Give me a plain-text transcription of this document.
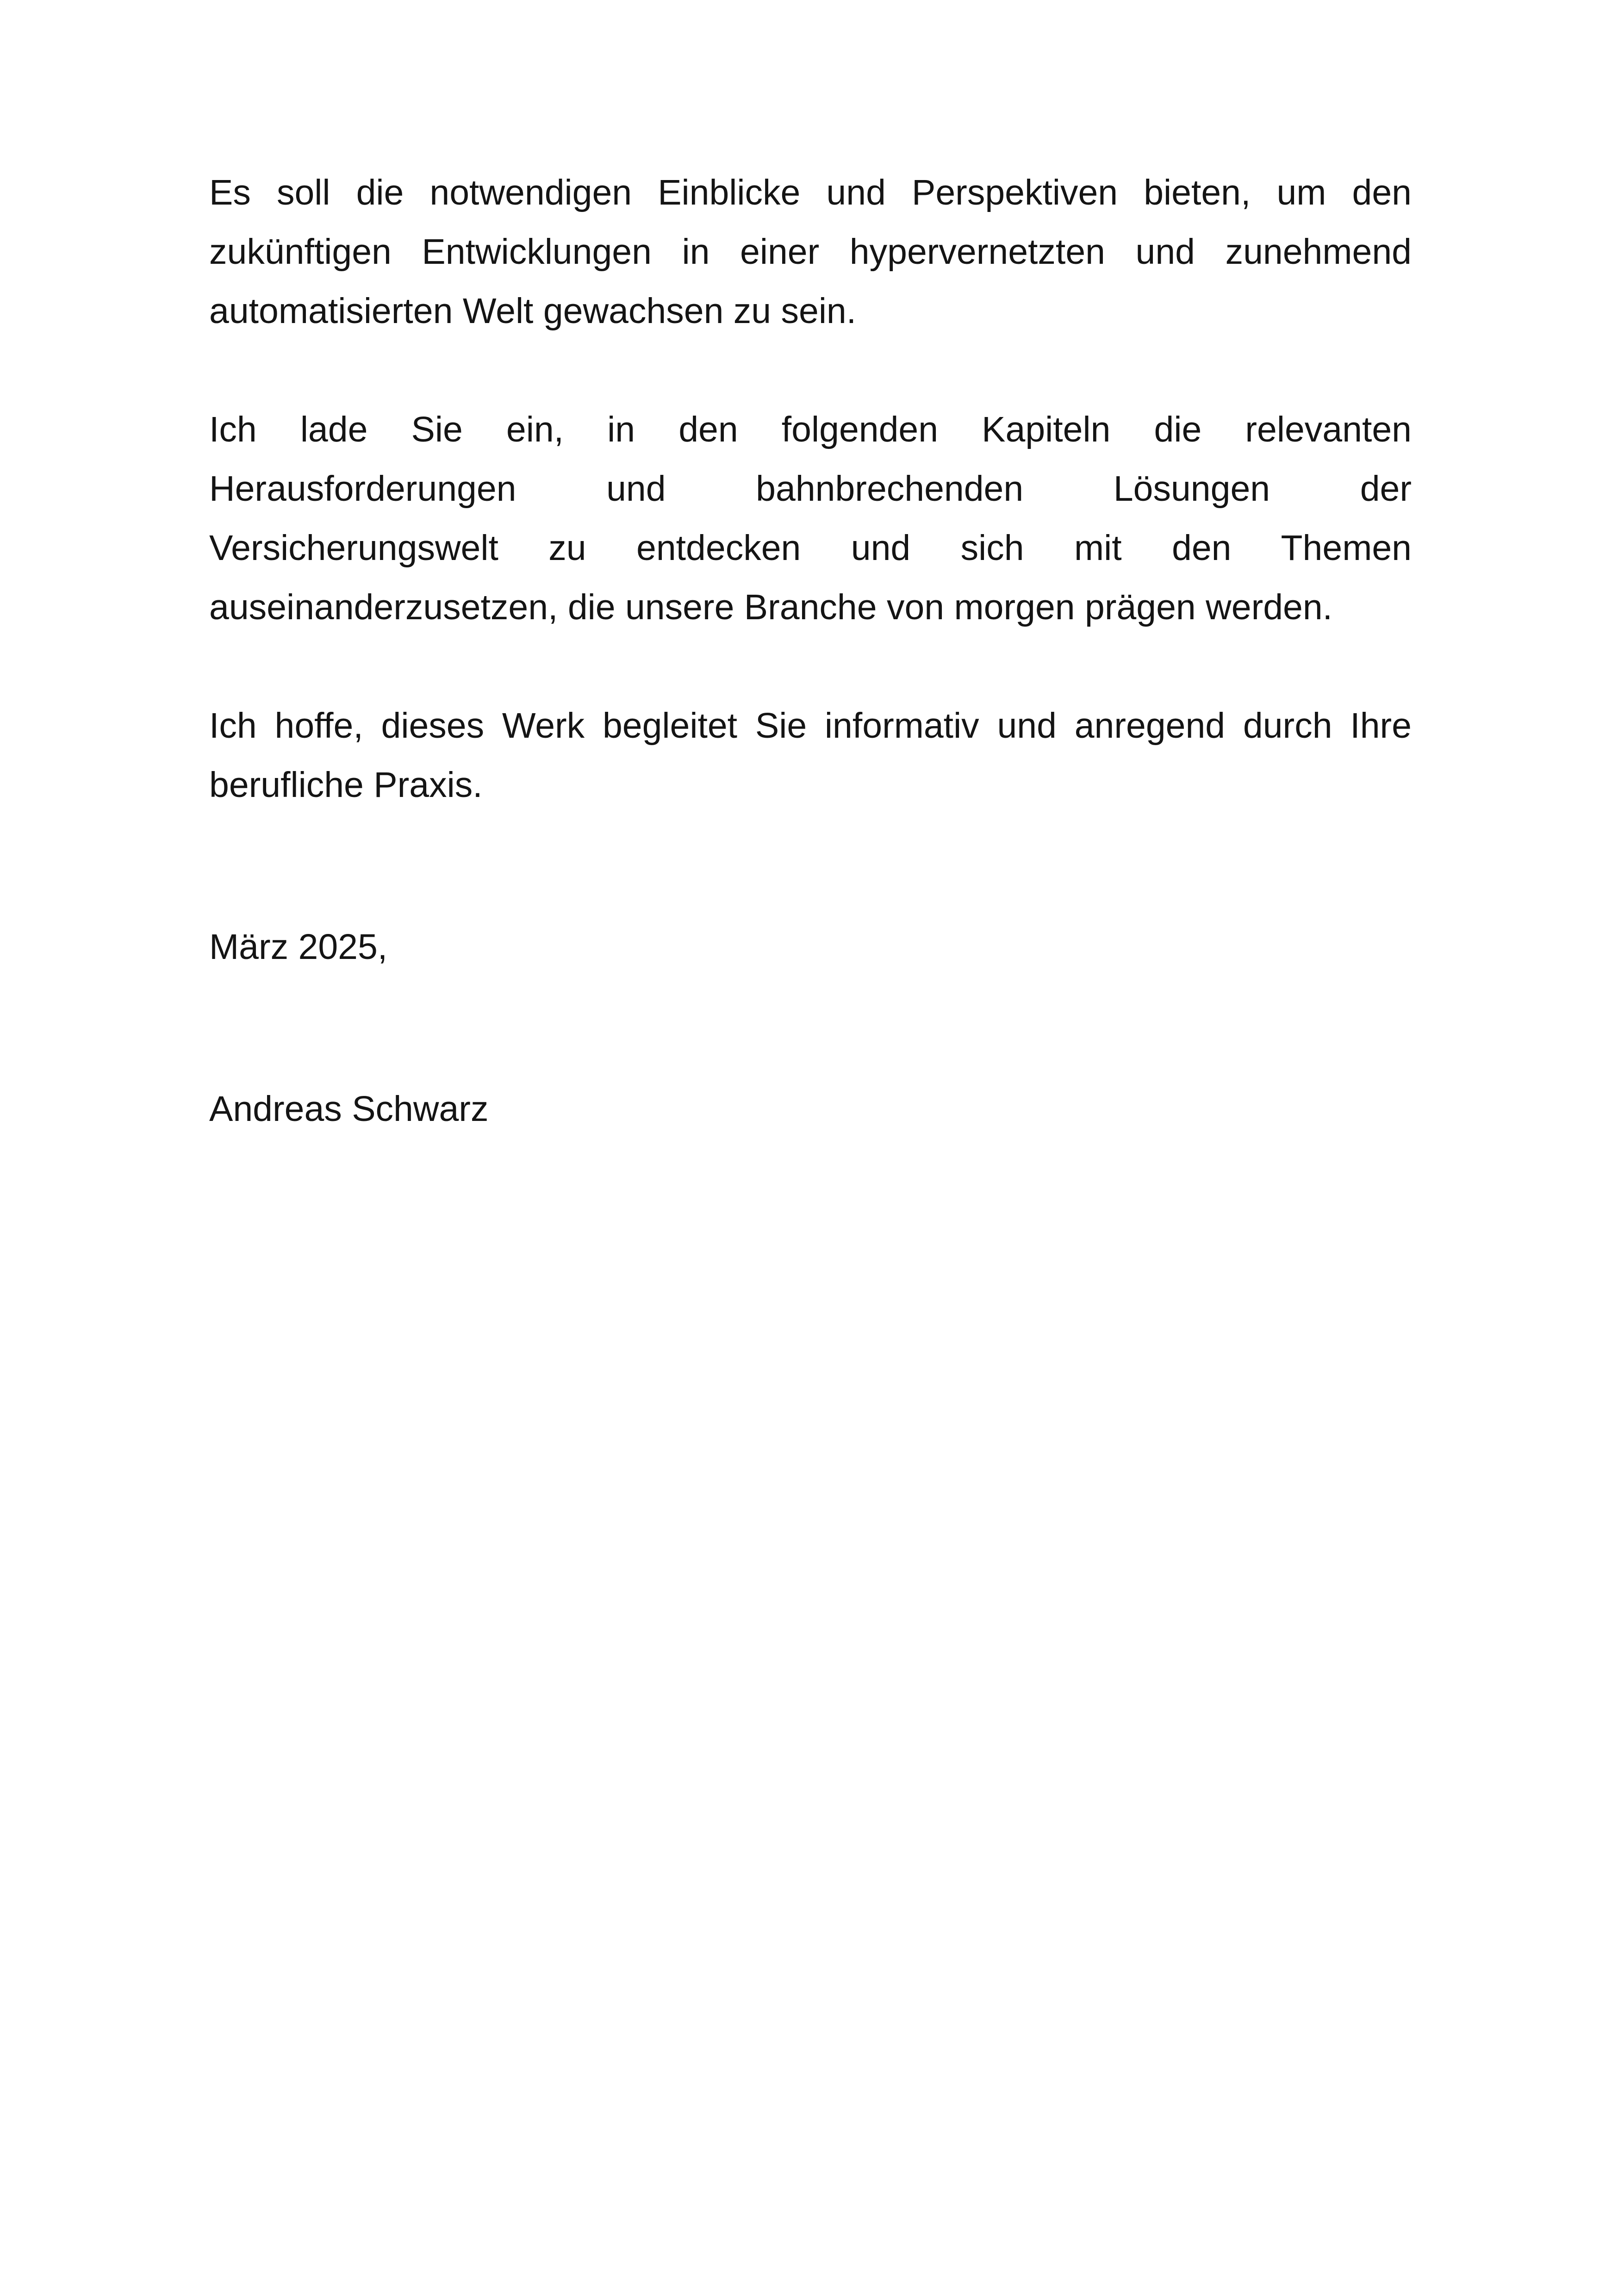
Es soll die notwendigen Einblicke und Perspektiven bieten, um den
zukünftigen Entwicklungen in einer hypervernetzten und zunehmend
automatisierten Welt gewachsen zu sein.
Ich lade Sie ein, in den folgenden Kapiteln die relevanten
Herausforderungen und bahnbrechenden Lösungen der
Versicherungswelt zu entdecken und sich mit den Themen
auseinanderzusetzen, die unsere Branche von morgen prägen werden.
Ich hoffe, dieses Werk begleitet Sie informativ und anregend durch Ihre
berufliche Praxis.
März 2025,
Andreas Schwarz
